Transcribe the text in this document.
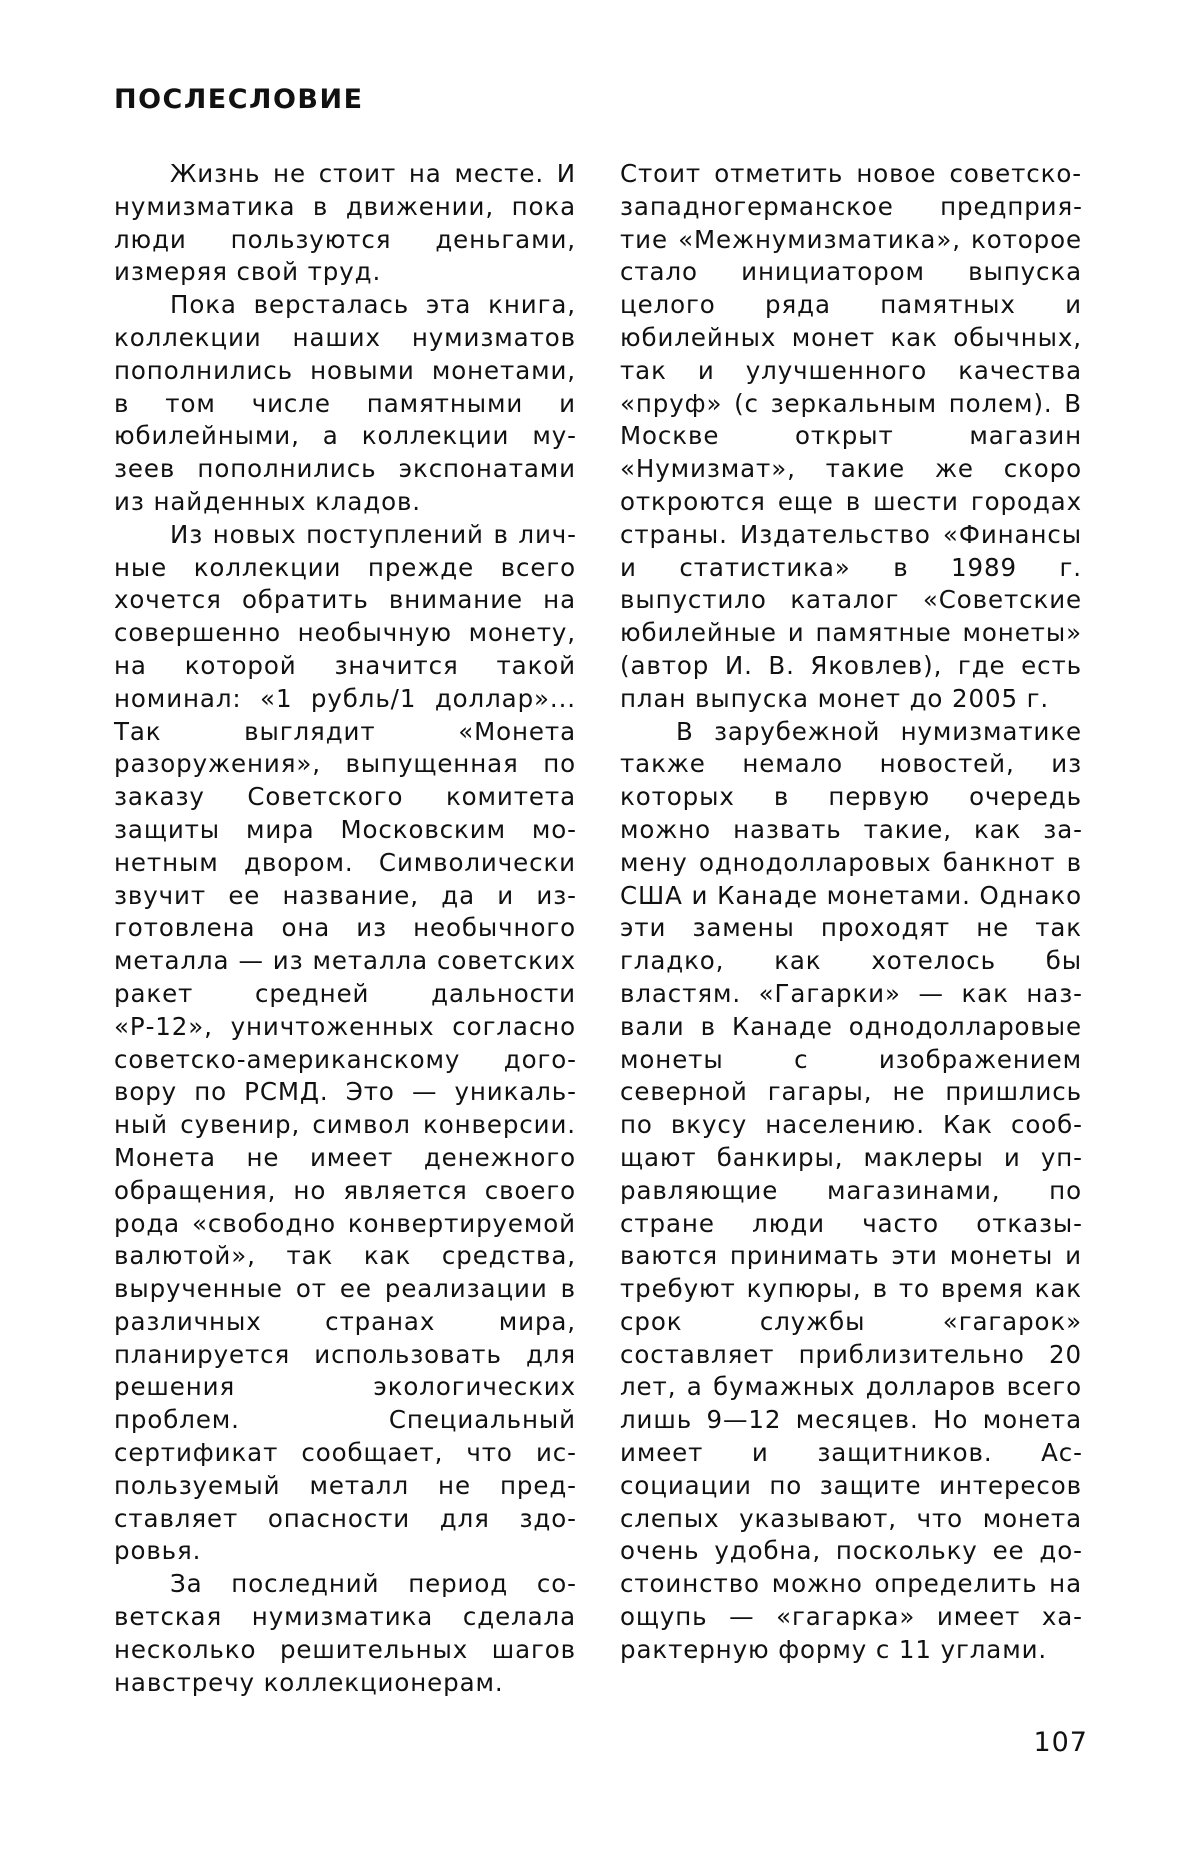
ПОСЛЕСЛОВИЕ

Жизнь не стоит на месте. И нумизматика в движении, пока люди пользуются деньгами, измеряя свой труд.

Пока версталась эта книга, коллекции наших нумизматов пополнились новыми монетами, в том числе памятными и юбилейными, а коллекции музеев пополнились экспонатами из найденных кладов.

Из новых поступлений в личные коллекции прежде всего хочется обратить внимание на совершенно необычную монету, на которой значится такой номинал: «1 рубль/1 доллар»... Так выглядит «Монета разоружения», выпущенная по заказу Советского комитета защиты мира Московским монетным двором. Символически звучит ее название, да и изготовлена она из необычного металла — из металла советских ракет средней дальности «Р-12», уничтоженных согласно советско-американскому договору по РСМД. Это — уникальный сувенир, символ конверсии. Монета не имеет денежного обращения, но является своего рода «свободно конвертируемой валютой», так как средства, вырученные от ее реализации в различных странах мира, планируется использовать для решения экологических проблем. Специальный сертификат сообщает, что используемый металл не представляет опасности для здоровья.

За последний период советская нумизматика сделала несколько решительных шагов навстречу коллекционерам.

Стоит отметить новое советско-западногерманское предприятие «Межнумизматика», которое стало инициатором выпуска целого ряда памятных и юбилейных монет как обычных, так и улучшенного качества «пруф» (с зеркальным полем). В Москве открыт магазин «Нумизмат», такие же скоро откроются еще в шести городах страны. Издательство «Финансы и статистика» в 1989 г. выпустило каталог «Советские юбилейные и памятные монеты» (автор И. В. Яковлев), где есть план выпуска монет до 2005 г.

В зарубежной нумизматике также немало новостей, из которых в первую очередь можно назвать такие, как замену однодолларовых банкнот в США и Канаде монетами. Однако эти замены проходят не так гладко, как хотелось бы властям. «Гагарки» — как назвали в Канаде однодолларовые монеты с изображением северной гагары, не пришлись по вкусу населению. Как сообщают банкиры, маклеры и управляющие магазинами, по стране люди часто отказываются принимать эти монеты и требуют купюры, в то время как срок службы «гагарок» составляет приблизительно 20 лет, а бумажных долларов всего лишь 9—12 месяцев. Но монета имеет и защитников. Ассоциации по защите интересов слепых указывают, что монета очень удобна, поскольку ее достоинство можно определить на ощупь — «гагарка» имеет характерную форму с 11 углами.

107
